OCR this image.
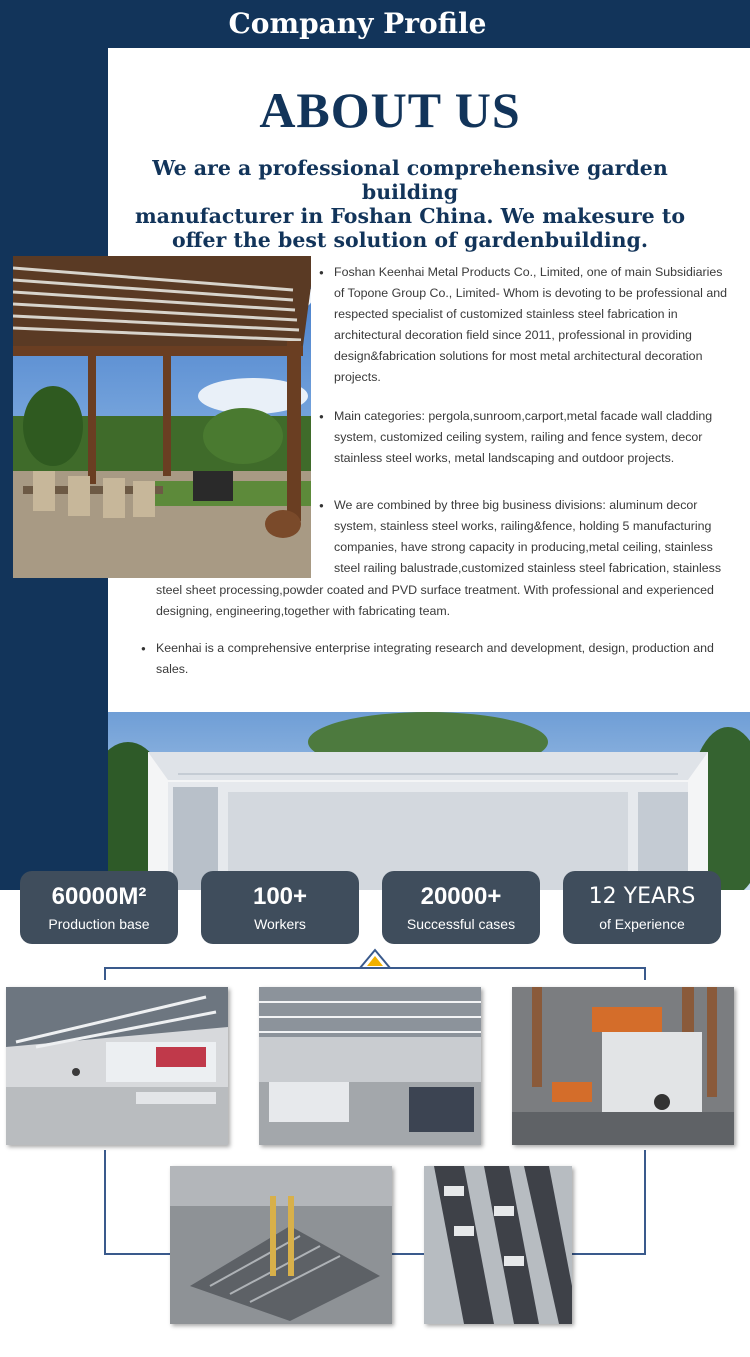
Company Profile
ABOUT US
We are a professional comprehensive garden building
manufacturer in Foshan China. We makesure to
offer the best solution of gardenbuilding.

● Foshan Keenhai Metal Products Co., Limited, one of main Subsidiaries of Topone Group Co., Limited- Whom is devoting to be professional and respected specialist of customized stainless steel fabrication in architectural decoration field since 2011, professional in providing design&fabrication solutions for most metal architectural decoration projects.

● Main categories: pergola,sunroom,carport,metal facade wall cladding system, customized ceiling system, railing and fence system, decor stainless steel works, metal landscaping and outdoor projects.

● We are combined by three big business divisions: aluminum decor system, stainless steel works, railing&fence, holding 5 manufacturing companies, have strong capacity in producing,metal ceiling, stainless steel railing balustrade,customized stainless steel fabrication, stainless

steel sheet processing,powder coated and PVD surface treatment. With professional and experienced designing, engineering,together with fabricating team.

● Keenhai is a comprehensive enterprise integrating research and development, design, production and sales.

60000M²
Production base
100+
Workers
20000+
Successful cases
12 YEARS
of Experience
